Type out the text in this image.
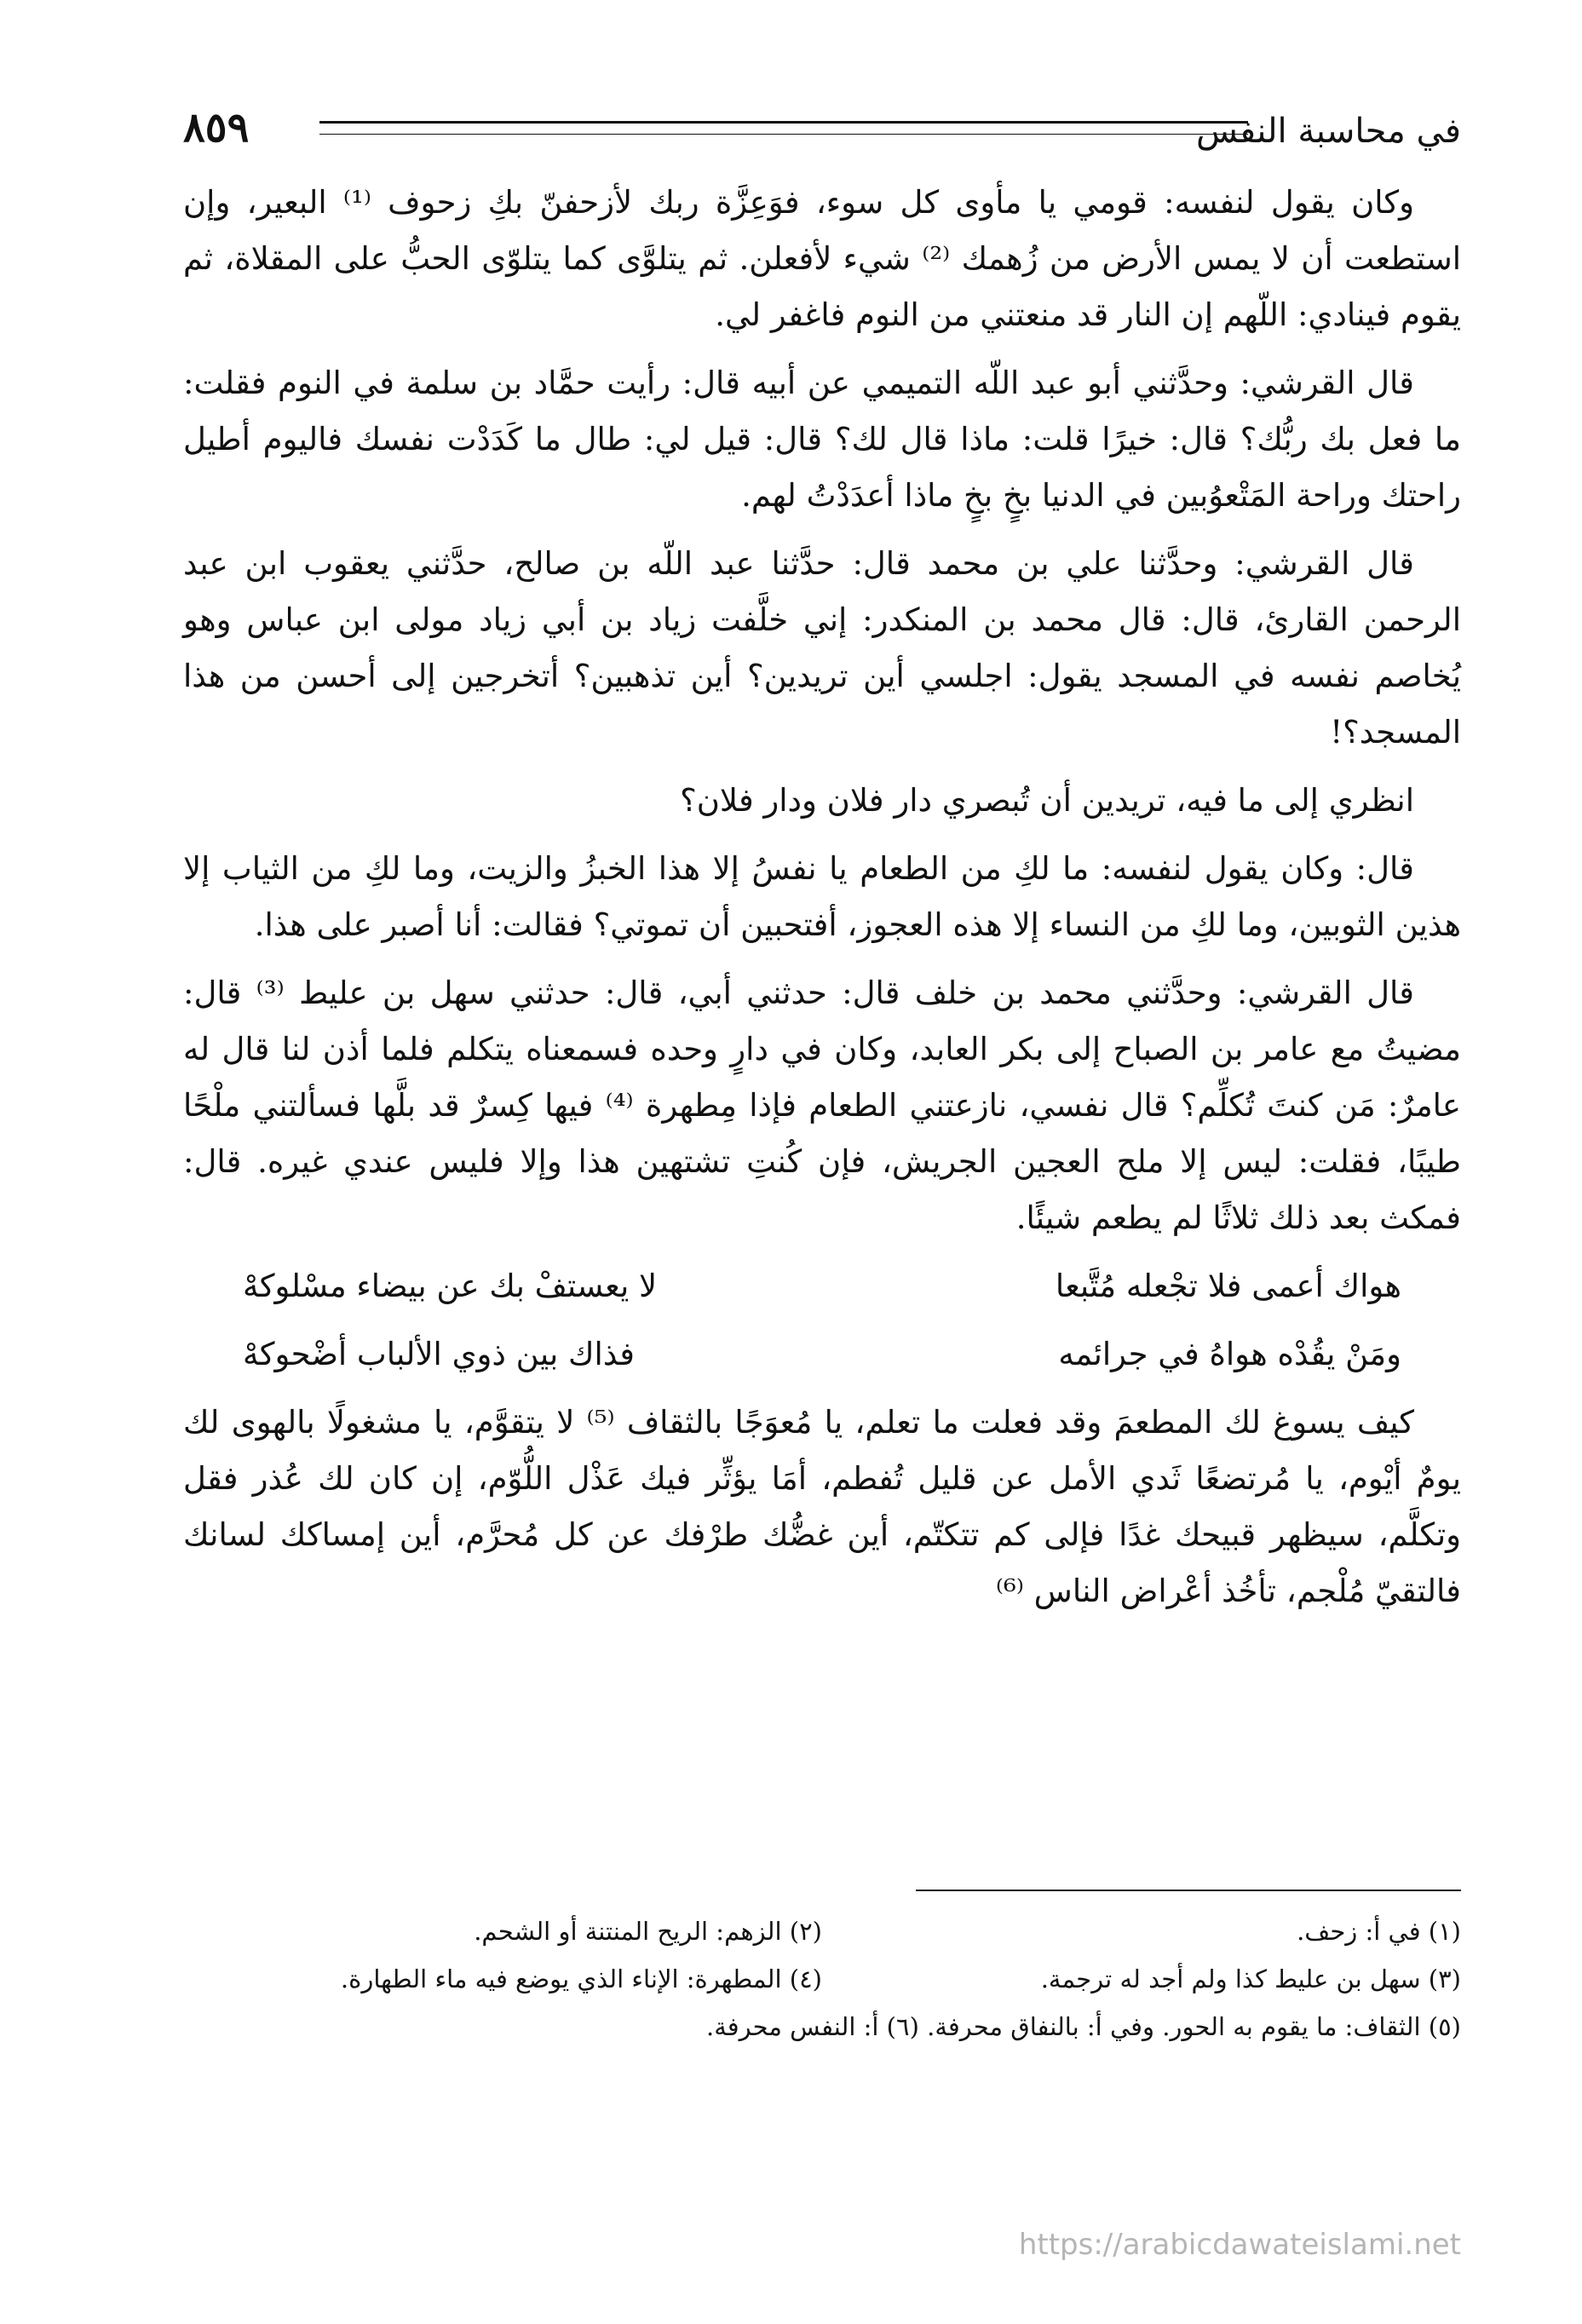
في محاسبة النفس
٨٥٩

وكان يقول لنفسه: قومي يا مأوى كل سوء، فوَعِزَّة ربك لأزحفنّ بكِ زحوف ⁽¹⁾ البعير، وإن استطعت أن لا يمس الأرض من زُهمك ⁽²⁾ شيء لأفعلن. ثم يتلوَّى كما يتلوّى الحبُّ على المقلاة، ثم يقوم فينادي: اللّهم إن النار قد منعتني من النوم فاغفر لي.

قال القرشي: وحدَّثني أبو عبد اللّه التميمي عن أبيه قال: رأيت حمَّاد بن سلمة في النوم فقلت: ما فعل بك ربُّك؟ قال: خيرًا قلت: ماذا قال لك؟ قال: قيل لي: طال ما كَدَدْت نفسك فاليوم أطيل راحتك وراحة المَتْعوُبين في الدنيا بخٍ بخٍ ماذا أعدَدْتُ لهم.

قال القرشي: وحدَّثنا علي بن محمد قال: حدَّثنا عبد اللّه بن صالح، حدَّثني يعقوب ابن عبد الرحمن القارئ، قال: قال محمد بن المنكدر: إني خلَّفت زياد بن أبي زياد مولى ابن عباس وهو يُخاصم نفسه في المسجد يقول: اجلسي أين تريدين؟ أين تذهبين؟ أتخرجين إلى أحسن من هذا المسجد؟!

انظري إلى ما فيه، تريدين أن تُبصري دار فلان ودار فلان؟

قال: وكان يقول لنفسه: ما لكِ من الطعام يا نفسُ إلا هذا الخبزُ والزيت، وما لكِ من الثياب إلا هذين الثوبين، وما لكِ من النساء إلا هذه العجوز، أفتحبين أن تموتي؟ فقالت: أنا أصبر على هذا.

قال القرشي: وحدَّثني محمد بن خلف قال: حدثني أبي، قال: حدثني سهل بن عليط ⁽³⁾ قال: مضيتُ مع عامر بن الصباح إلى بكر العابد، وكان في دارٍ وحده فسمعناه يتكلم فلما أذن لنا قال له عامرٌ: مَن كنتَ تُكلِّم؟ قال نفسي، نازعتني الطعام فإذا مِطهرة ⁽⁴⁾ فيها كِسرٌ قد بلَّها فسألتني ملْحًا طيبًا، فقلت: ليس إلا ملح العجين الجريش، فإن كُنتِ تشتهين هذا وإلا فليس عندي غيره. قال: فمكث بعد ذلك ثلاثًا لم يطعم شيئًا.

هواك أعمى فلا تجْعله مُتَّبعا
لا يعستفْ بك عن بيضاء مسْلوكهْ
ومَنْ يقُدْه هواهُ في جرائمه
فذاك بين ذوي الألباب أضْحوكهْ

كيف يسوغ لك المطعمَ وقد فعلت ما تعلم، يا مُعوَجًا بالثقاف ⁽⁵⁾ لا يتقوَّم، يا مشغولًا بالهوى لك يومٌ أيْوم، يا مُرتضعًا ثَدي الأمل عن قليل تُفطم، أمَا يؤثِّر فيك عَذْل اللُّوّم، إن كان لك عُذر فقل وتكلَّم، سيظهر قبيحك غدًا فإلى كم تتكتّم، أين غضُّك طرْفك عن كل مُحرَّم، أين إمساكك لسانك فالتقيّ مُلْجم، تأخُذ أعْراض الناس ⁽⁶⁾

(١) في أ: زحف.
(٢) الزهم: الريح المنتنة أو الشحم.
(٣) سهل بن عليط كذا ولم أجد له ترجمة.
(٤) المطهرة: الإناء الذي يوضع فيه ماء الطهارة.
(٥) الثقاف: ما يقوم به الحور. وفي أ: بالنفاق محرفة. (٦) أ: النفس محرفة.
https://arabicdawateislami.net
